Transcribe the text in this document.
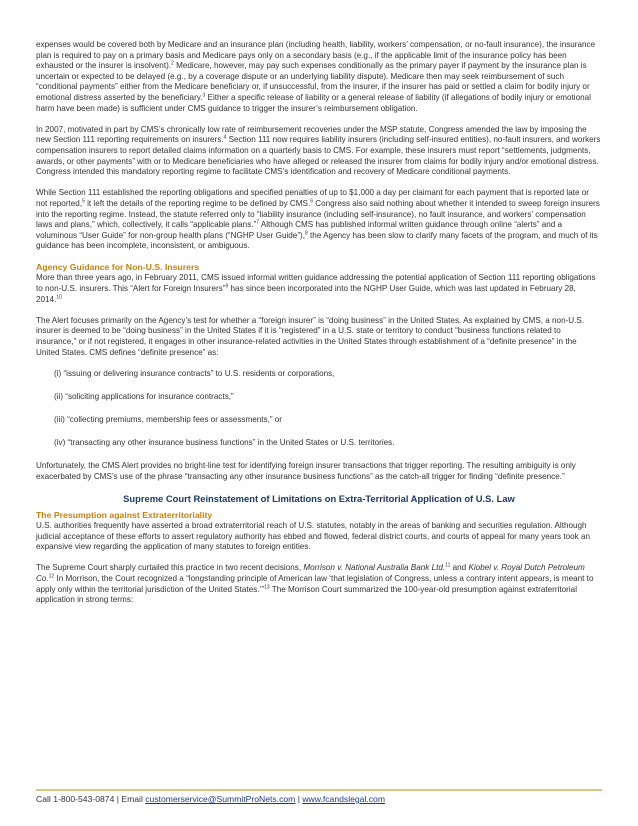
expenses would be covered both by Medicare and an insurance plan (including health, liability, workers’ compensation, or no-fault insurance), the insurance plan is required to pay on a primary basis and Medicare pays only on a secondary basis (e.g., if the applicable limit of the insurance policy has been exhausted or the insurer is insolvent).$^2$ Medicare, however, may pay such expenses conditionally as the primary payer if payment by the insurance plan is uncertain or expected to be delayed (e.g., by a coverage dispute or an underlying liability dispute). Medicare then may seek reimbursement of such “conditional payments” either from the Medicare beneficiary or, if unsuccessful, from the insurer, if the insurer has paid or settled a claim for bodily injury or emotional distress asserted by the beneficiary.$^3$ Either a specific release of liability or a general release of liability (if allegations of bodily injury or emotional harm have been made) is sufficient under CMS guidance to trigger the insurer’s reimbursement obligation.

In 2007, motivated in part by CMS’s chronically low rate of reimbursement recoveries under the MSP statute, Congress amended the law by imposing the new Section 111 reporting requirements on insurers.$^4$ Section 111 now requires liability insurers (including self-insured entities), no-fault insurers, and workers compensation insurers to report detailed claims information on a quarterly basis to CMS. For example, these insurers must report “settlements, judgments, awards, or other payments” with or to Medicare beneficiaries who have alleged or released the insurer from claims for bodily injury and/or emotional distress. Congress intended this mandatory reporting regime to facilitate CMS’s identification and recovery of Medicare conditional payments.

While Section 111 established the reporting obligations and specified penalties of up to $1,000 a day per claimant for each payment that is reported late or not reported,$^5$ it left the details of the reporting regime to be defined by CMS.$^6$ Congress also said nothing about whether it intended to sweep foreign insurers into the reporting regime. Instead, the statute referred only to “liability insurance (including self-insurance), no fault insurance, and workers’ compensation laws and plans,” which, collectively, it calls “applicable plans.”$^7$ Although CMS has published informal written guidance through online “alerts” and a voluminous “User Guide” for non-group health plans (“NGHP User Guide”),$^8$ the Agency has been slow to clarify many facets of the program, and much of its guidance has been incomplete, inconsistent, or ambiguous.

Agency Guidance for Non-U.S. Insurers

More than three years ago, in February 2011, CMS issued informal written guidance addressing the potential application of Section 111 reporting obligations to non-U.S. insurers. This “Alert for Foreign Insurers”$^9$ has since been incorporated into the NGHP User Guide, which was last updated in February 28, 2014.10

The Alert focuses primarily on the Agency’s test for whether a “foreign insurer” is “doing business” in the United States. As explained by CMS, a non-U.S. insurer is deemed to be “doing business” in the United States if it is “registered” in a U.S. state or territory to conduct “business functions related to insurance,” or if not registered, it engages in other insurance-related activities in the United States through establishment of a “definite presence” in the United States. CMS defines “definite presence” as:

(i) “issuing or delivering insurance contracts” to U.S. residents or corporations,

(ii) “soliciting applications for insurance contracts,”

(iii) “collecting premiums, membership fees or assessments,” or

(iv) “transacting any other insurance business functions” in the United States or U.S. territories.

Unfortunately, the CMS Alert provides no bright-line test for identifying foreign insurer transactions that trigger reporting. The resulting ambiguity is only exacerbated by CMS’s use of the phrase “transacting any other insurance business functions” as the catch-all trigger for finding “definite presence.”

Supreme Court Reinstatement of Limitations on Extra-Territorial Application of U.S. Law
The Presumption against Extraterritoriality

U.S. authorities frequently have asserted a broad extraterritorial reach of U.S. statutes, notably in the areas of banking and securities regulation. Although judicial acceptance of these efforts to assert regulatory authority has ebbed and flowed, federal district courts, and courts of appeal for many years took an expansive view regarding the application of many statutes to foreign entities.

The Supreme Court sharply curtailed this practice in two recent decisions, Morrison v. National Australia Bank Ltd.$^{11}$ and Kiobel v. Royal Dutch Petroleum Co.$^{12}$ In Morrison, the Court recognized a “longstanding principle of American law ‘that legislation of Congress, unless a contrary intent appears, is meant to apply only within the territorial jurisdiction of the United States.’”$^{13}$ The Morrison Court summarized the 100-year-old presumption against extraterritorial application in strong terms:

Call 1-800-543-0874 | Email customerservice@SummitProNets.com | www.fcandslegal.com
